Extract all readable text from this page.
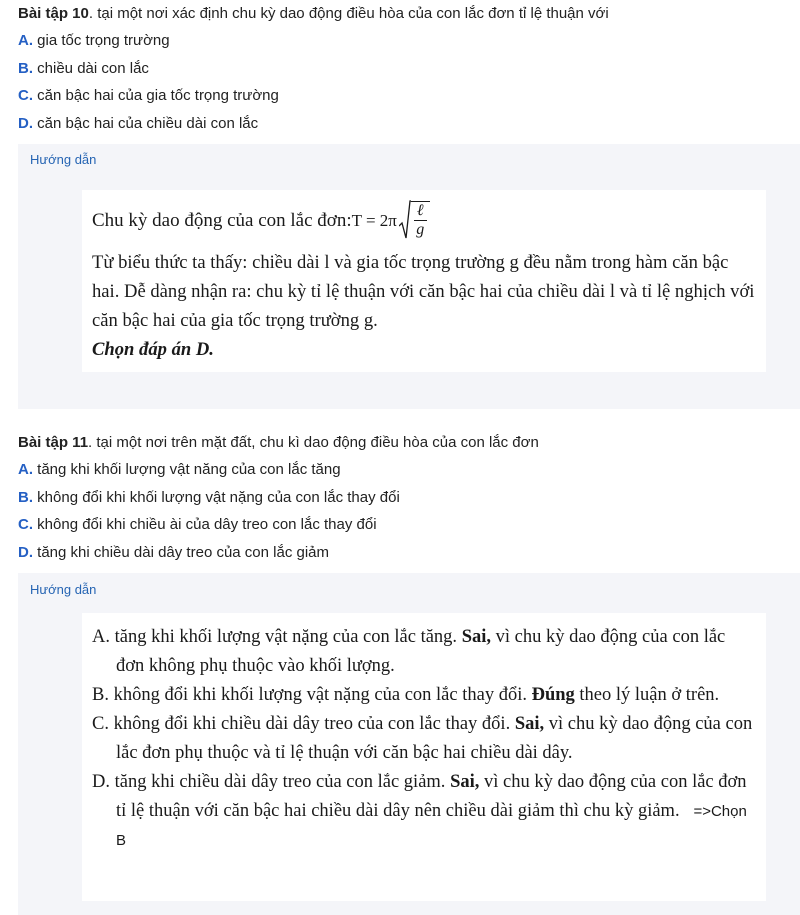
Bài tập 10. tại một nơi xác định chu kỳ dao động điều hòa của con lắc đơn tỉ lệ thuận với

A. gia tốc trọng trường

B. chiều dài con lắc

C. căn bậc hai của gia tốc trọng trường

D. căn bậc hai của chiều dài con lắc

Hướng dẫn

Chu kỳ dao động của con lắc đơn: T = 2π ℓ
g

Từ biểu thức ta thấy: chiều dài l và gia tốc trọng trường g đều nằm trong hàm căn bậc hai. Dễ dàng nhận ra: chu kỳ tỉ lệ thuận với căn bậc hai của chiều dài l và tỉ lệ nghịch với căn bậc hai của gia tốc trọng trường g.

Chọn đáp án D.

Bài tập 11. tại một nơi trên mặt đất, chu kì dao động điều hòa của con lắc đơn

A. tăng khi khối lượng vật năng của con lắc tăng

B. không đổi khi khối lượng vật nặng của con lắc thay đổi

C. không đổi khi chiều ài của dây treo con lắc thay đổi

D. tăng khi chiều dài dây treo của con lắc giảm

Hướng dẫn

A. tăng khi khối lượng vật nặng của con lắc tăng. Sai, vì chu kỳ dao động của con lắc đơn không phụ thuộc vào khối lượng.

B. không đổi khi khối lượng vật nặng của con lắc thay đổi. Đúng theo lý luận ở trên.

C. không đổi khi chiều dài dây treo của con lắc thay đổi. Sai, vì chu kỳ dao động của con lắc đơn phụ thuộc và tỉ lệ thuận với căn bậc hai chiều dài dây.

D. tăng khi chiều dài dây treo của con lắc giảm. Sai, vì chu kỳ dao động của con lắc đơn tỉ lệ thuận với căn bậc hai chiều dài dây nên chiều dài giảm thì chu kỳ giảm. =>Chọn B
